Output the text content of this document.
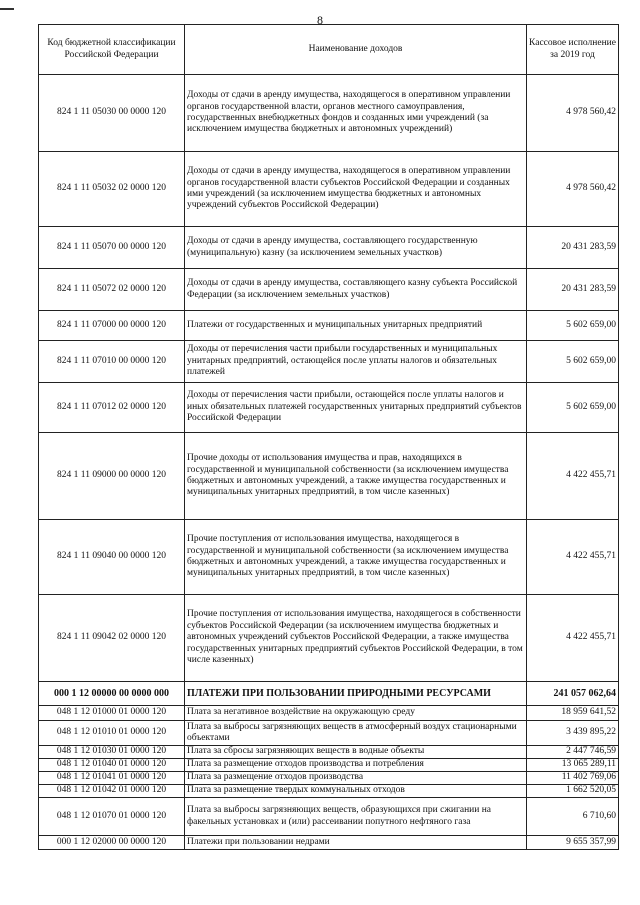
8
Код бюджетной классификации Российской Федерации	Наименование доходов	Кассовое исполнение за 2019 год
824 1 11 05030 00 0000 120	Доходы от сдачи в аренду имущества, находящегося в оперативном управлении органов государственной власти, органов местного самоуправления, государственных внебюджетных фондов и созданных ими учреждений (за исключением имущества бюджетных и автономных учреждений)	4 978 560,42
824 1 11 05032 02 0000 120	Доходы от сдачи в аренду имущества, находящегося в оперативном управлении органов государственной власти субъектов Российской Федерации и созданных ими учреждений (за исключением имущества бюджетных и автономных учреждений субъектов Российской Федерации)	4 978 560,42
824 1 11 05070 00 0000 120	Доходы от сдачи в аренду имущества, составляющего государственную (муниципальную) казну (за исключением земельных участков)	20 431 283,59
824 1 11 05072 02 0000 120	Доходы от сдачи в аренду имущества, составляющего казну субъекта Российской Федерации (за исключением земельных участков)	20 431 283,59
824 1 11 07000 00 0000 120	Платежи от государственных и муниципальных унитарных предприятий	5 602 659,00
824 1 11 07010 00 0000 120	Доходы от перечисления части прибыли государственных и муниципальных унитарных предприятий, остающейся после уплаты налогов и обязательных платежей	5 602 659,00
824 1 11 07012 02 0000 120	Доходы от перечисления части прибыли, остающейся после уплаты налогов и иных обязательных платежей государственных унитарных предприятий субъектов Российской Федерации	5 602 659,00
824 1 11 09000 00 0000 120	Прочие доходы от использования имущества и прав, находящихся в государственной и муниципальной собственности (за исключением имущества бюджетных и автономных учреждений, а также имущества государственных и муниципальных унитарных предприятий, в том числе казенных)	4 422 455,71
824 1 11 09040 00 0000 120	Прочие поступления от использования имущества, находящегося в государственной и муниципальной собственности (за исключением имущества бюджетных и автономных учреждений, а также имущества государственных и муниципальных унитарных предприятий, в том числе казенных)	4 422 455,71
824 1 11 09042 02 0000 120	Прочие поступления от использования имущества, находящегося в собственности субъектов Российской Федерации (за исключением имущества бюджетных и автономных учреждений субъектов Российской Федерации, а также имущества государственных унитарных предприятий субъектов Российской Федерации, в том числе казенных)	4 422 455,71
000 1 12 00000 00 0000 000	ПЛАТЕЖИ ПРИ ПОЛЬЗОВАНИИ ПРИРОДНЫМИ РЕСУРСАМИ	241 057 062,64
048 1 12 01000 01 0000 120	Плата за негативное воздействие на окружающую среду	18 959 641,52
048 1 12 01010 01 0000 120	Плата за выбросы загрязняющих веществ в атмосферный воздух стационарными объектами	3 439 895,22
048 1 12 01030 01 0000 120	Плата за сбросы загрязняющих веществ в водные объекты	2 447 746,59
048 1 12 01040 01 0000 120	Плата за размещение отходов производства и потребления	13 065 289,11
048 1 12 01041 01 0000 120	Плата за размещение отходов производства	11 402 769,06
048 1 12 01042 01 0000 120	Плата за размещение твердых коммунальных отходов	1 662 520,05
048 1 12 01070 01 0000 120	Плата за выбросы загрязняющих веществ, образующихся при сжигании на факельных установках и (или) рассеивании попутного нефтяного газа	6 710,60
000 1 12 02000 00 0000 120	Платежи при пользовании недрами	9 655 357,99
